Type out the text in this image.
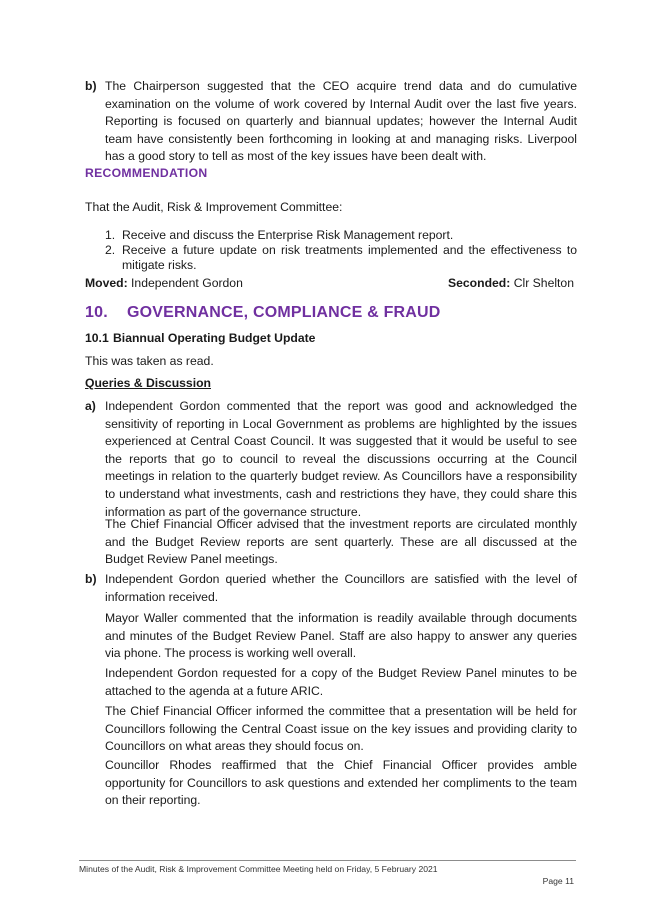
b) The Chairperson suggested that the CEO acquire trend data and do cumulative examination on the volume of work covered by Internal Audit over the last five years. Reporting is focused on quarterly and biannual updates; however the Internal Audit team have consistently been forthcoming in looking at and managing risks. Liverpool has a good story to tell as most of the key issues have been dealt with.
RECOMMENDATION
That the Audit, Risk & Improvement Committee:
1. Receive and discuss the Enterprise Risk Management report.
2. Receive a future update on risk treatments implemented and the effectiveness to mitigate risks.
Moved: Independent Gordon	Seconded: Clr Shelton
10. GOVERNANCE, COMPLIANCE & FRAUD
10.1 Biannual Operating Budget Update
This was taken as read.
Queries & Discussion
a) Independent Gordon commented that the report was good and acknowledged the sensitivity of reporting in Local Government as problems are highlighted by the issues experienced at Central Coast Council. It was suggested that it would be useful to see the reports that go to council to reveal the discussions occurring at the Council meetings in relation to the quarterly budget review. As Councillors have a responsibility to understand what investments, cash and restrictions they have, they could share this information as part of the governance structure.
The Chief Financial Officer advised that the investment reports are circulated monthly and the Budget Review reports are sent quarterly. These are all discussed at the Budget Review Panel meetings.
b) Independent Gordon queried whether the Councillors are satisfied with the level of information received.
Mayor Waller commented that the information is readily available through documents and minutes of the Budget Review Panel. Staff are also happy to answer any queries via phone. The process is working well overall.
Independent Gordon requested for a copy of the Budget Review Panel minutes to be attached to the agenda at a future ARIC.
The Chief Financial Officer informed the committee that a presentation will be held for Councillors following the Central Coast issue on the key issues and providing clarity to Councillors on what areas they should focus on.
Councillor Rhodes reaffirmed that the Chief Financial Officer provides amble opportunity for Councillors to ask questions and extended her compliments to the team on their reporting.
Minutes of the Audit, Risk & Improvement Committee Meeting held on Friday, 5 February 2021
Page 11
